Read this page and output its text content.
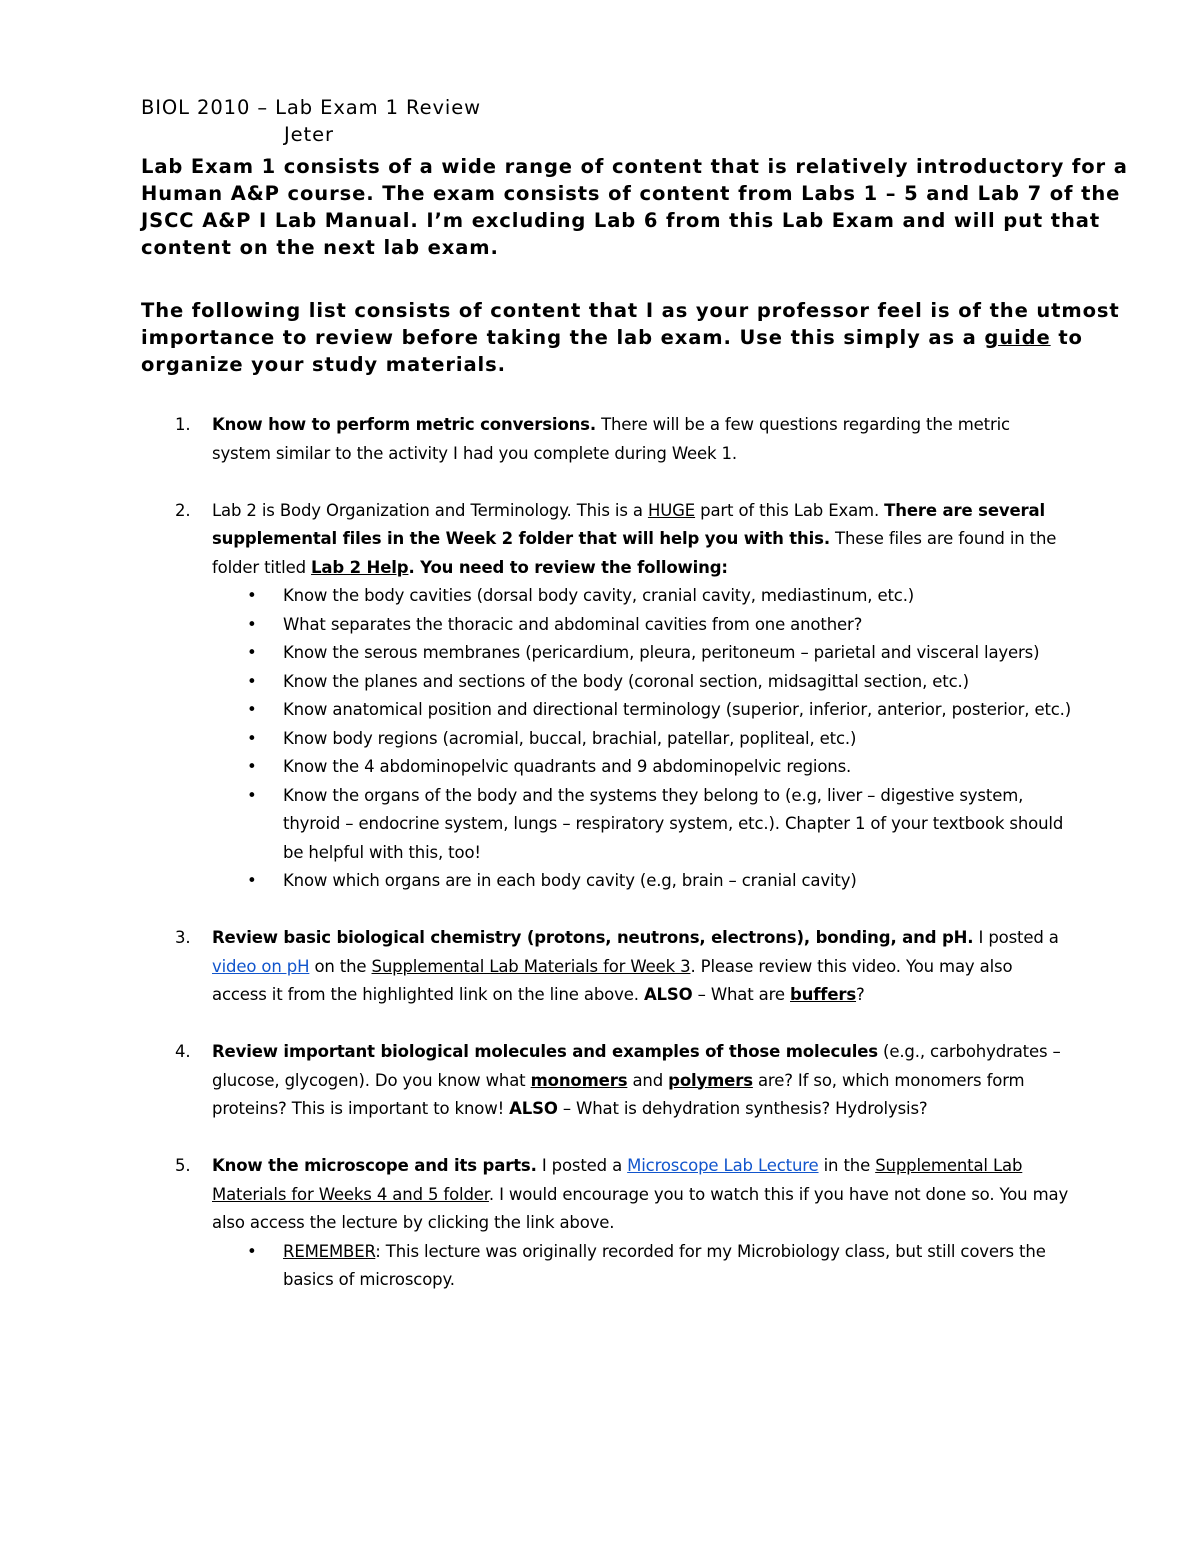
BIOL 2010 – Lab Exam 1 Review
Jeter

Lab Exam 1 consists of a wide range of content that is relatively introductory for a Human A&P course. The exam consists of content from Labs 1 – 5 and Lab 7 of the JSCC A&P I Lab Manual. I’m excluding Lab 6 from this Lab Exam and will put that content on the next lab exam.

The following list consists of content that I as your professor feel is of the utmost importance to review before taking the lab exam. Use this simply as a guide to organize your study materials.

1. Know how to perform metric conversions. There will be a few questions regarding the metric system similar to the activity I had you complete during Week 1.

2. Lab 2 is Body Organization and Terminology. This is a HUGE part of this Lab Exam. There are several supplemental files in the Week 2 folder that will help you with this. These files are found in the folder titled Lab 2 Help. You need to review the following:

• Know the body cavities (dorsal body cavity, cranial cavity, mediastinum, etc.)
• What separates the thoracic and abdominal cavities from one another?
• Know the serous membranes (pericardium, pleura, peritoneum – parietal and visceral layers)
• Know the planes and sections of the body (coronal section, midsagittal section, etc.)
• Know anatomical position and directional terminology (superior, inferior, anterior, posterior, etc.)
• Know body regions (acromial, buccal, brachial, patellar, popliteal, etc.)
• Know the 4 abdominopelvic quadrants and 9 abdominopelvic regions.
• Know the organs of the body and the systems they belong to (e.g, liver – digestive system, thyroid – endocrine system, lungs – respiratory system, etc.). Chapter 1 of your textbook should be helpful with this, too!
• Know which organs are in each body cavity (e.g, brain – cranial cavity)
3. Review basic biological chemistry (protons, neutrons, electrons), bonding, and pH. I posted a video on pH on the Supplemental Lab Materials for Week 3. Please review this video. You may also access it from the highlighted link on the line above. ALSO – What are buffers?

4. Review important biological molecules and examples of those molecules (e.g., carbohydrates – glucose, glycogen). Do you know what monomers and polymers are? If so, which monomers form proteins? This is important to know! ALSO – What is dehydration synthesis? Hydrolysis?

5. Know the microscope and its parts. I posted a Microscope Lab Lecture in the Supplemental Lab Materials for Weeks 4 and 5 folder. I would encourage you to watch this if you have not done so. You may also access the lecture by clicking the link above.

• REMEMBER: This lecture was originally recorded for my Microbiology class, but still covers the basics of microscopy.
